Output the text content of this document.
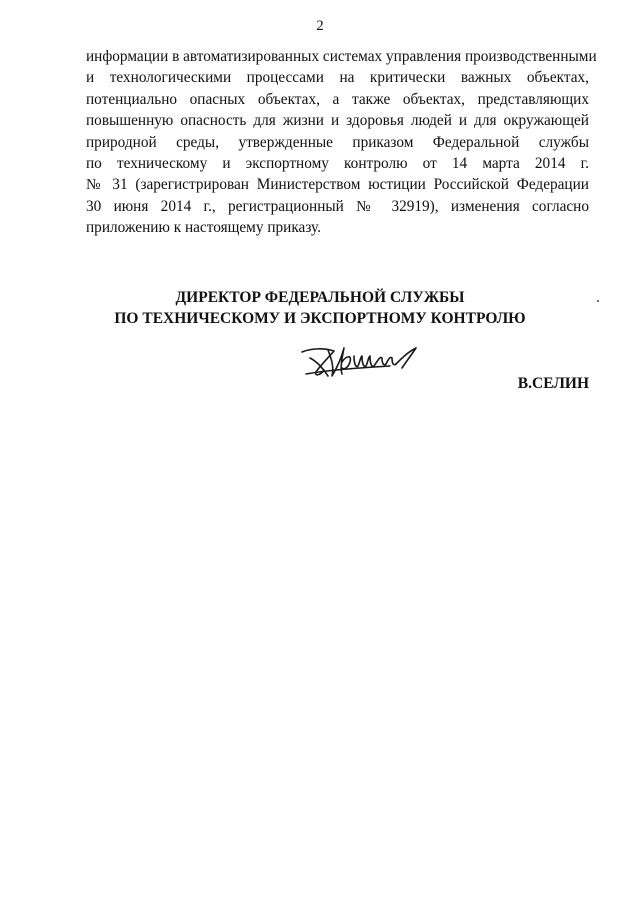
2
информации в автоматизированных системах управления производственными
и технологическими процессами на критически важных объектах,
потенциально опасных объектах, а также объектах, представляющих
повышенную опасность для жизни и здоровья людей и для окружающей
природной среды, утвержденные приказом Федеральной службы
по техническому и экспортному контролю от 14 марта 2014 г.
№ 31 (зарегистрирован Министерством юстиции Российской Федерации
30 июня 2014 г., регистрационный № 32919), изменения согласно
приложению к настоящему приказу.
ДИРЕКТОР ФЕДЕРАЛЬНОЙ СЛУЖБЫ
ПО ТЕХНИЧЕСКОМУ И ЭКСПОРТНОМУ КОНТРОЛЮ
В.СЕЛИН
